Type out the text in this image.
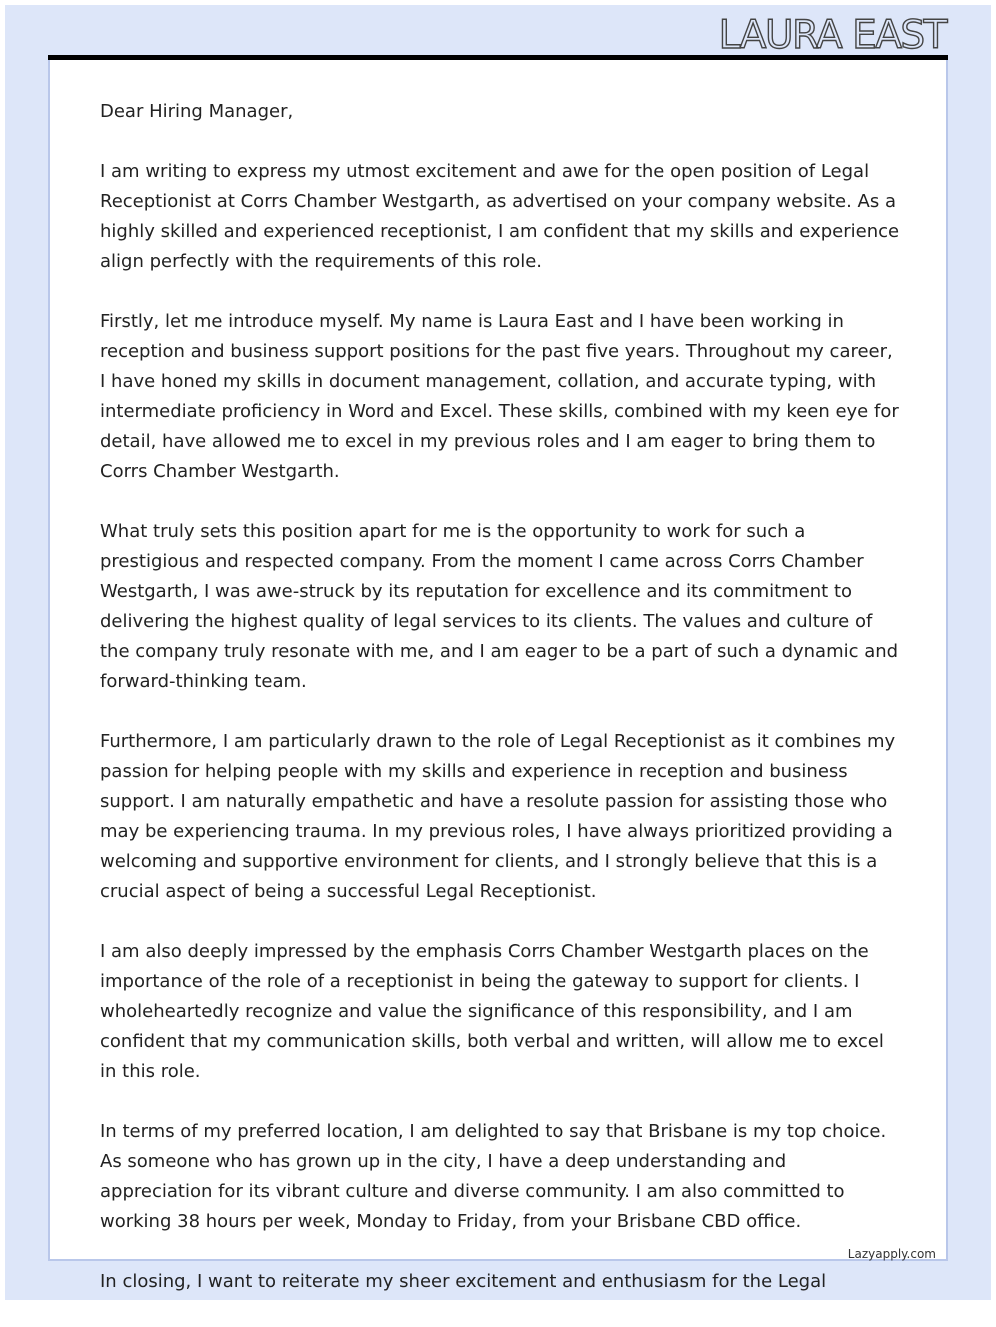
LAURA EAST

Dear Hiring Manager,

I am writing to express my utmost excitement and awe for the open position of Legal Receptionist at Corrs Chamber Westgarth, as advertised on your company website. As a highly skilled and experienced receptionist, I am confident that my skills and experience align perfectly with the requirements of this role.

Firstly, let me introduce myself. My name is Laura East and I have been working in reception and business support positions for the past five years. Throughout my career, I have honed my skills in document management, collation, and accurate typing, with intermediate proficiency in Word and Excel. These skills, combined with my keen eye for detail, have allowed me to excel in my previous roles and I am eager to bring them to Corrs Chamber Westgarth.

What truly sets this position apart for me is the opportunity to work for such a prestigious and respected company. From the moment I came across Corrs Chamber Westgarth, I was awe-struck by its reputation for excellence and its commitment to delivering the highest quality of legal services to its clients. The values and culture of the company truly resonate with me, and I am eager to be a part of such a dynamic and forward-thinking team.

Furthermore, I am particularly drawn to the role of Legal Receptionist as it combines my passion for helping people with my skills and experience in reception and business support. I am naturally empathetic and have a resolute passion for assisting those who may be experiencing trauma. In my previous roles, I have always prioritized providing a welcoming and supportive environment for clients, and I strongly believe that this is a crucial aspect of being a successful Legal Receptionist.

I am also deeply impressed by the emphasis Corrs Chamber Westgarth places on the importance of the role of a receptionist in being the gateway to support for clients. I wholeheartedly recognize and value the significance of this responsibility, and I am confident that my communication skills, both verbal and written, will allow me to excel in this role.

In terms of my preferred location, I am delighted to say that Brisbane is my top choice. As someone who has grown up in the city, I have a deep understanding and appreciation for its vibrant culture and diverse community. I am also committed to working 38 hours per week, Monday to Friday, from your Brisbane CBD office.

In closing, I want to reiterate my sheer excitement and enthusiasm for the Legal

Lazyapply.com
